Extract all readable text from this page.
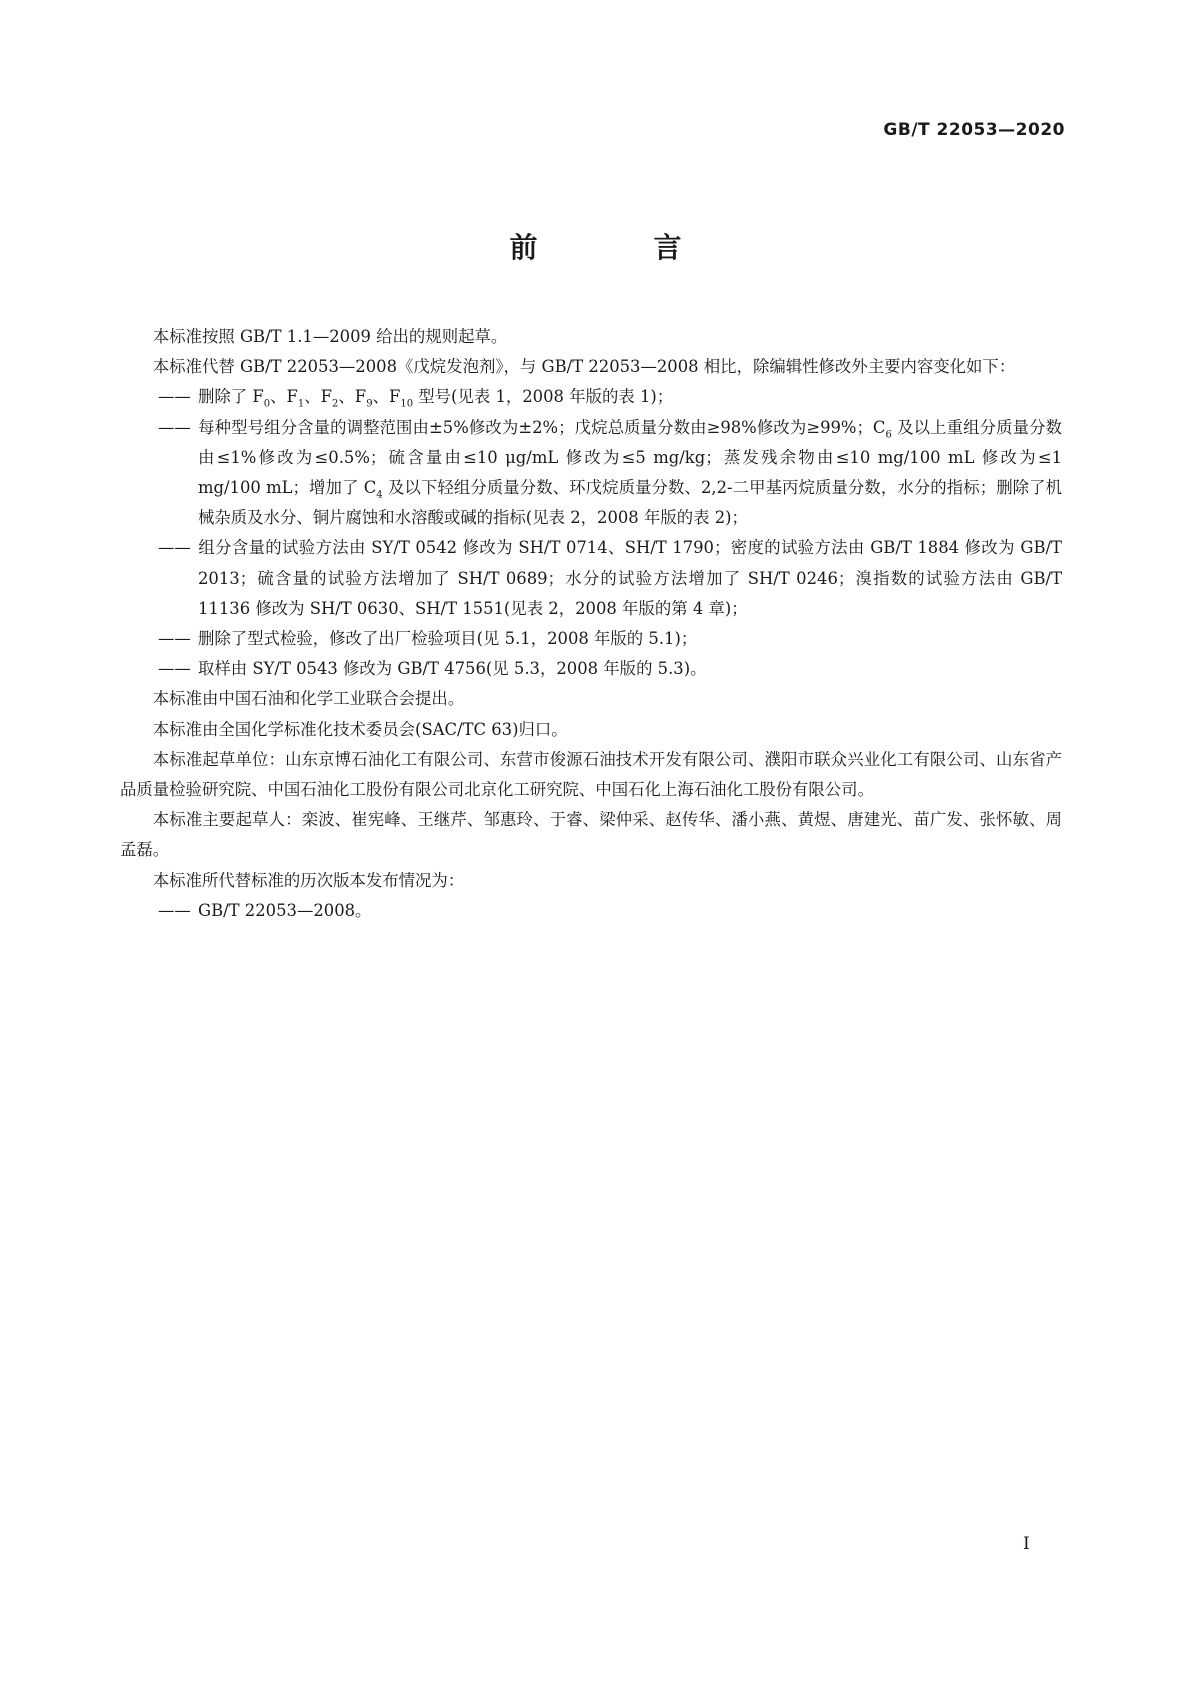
GB/T 22053—2020
前　言

本标准按照 GB/T 1.1—2009 给出的规则起草。

本标准代替 GB/T 22053—2008《戊烷发泡剂》，与 GB/T 22053—2008 相比，除编辑性修改外主要内容变化如下：

—— 删除了 $F_0$、$F_1$、$F_2$、$F_9$、$F_{10}$ 型号(见表 1，2008 年版的表 1)；

—— 每种型号组分含量的调整范围由±5%修改为±2%；戊烷总质量分数由≥98%修改为≥99%；$C_6$ 及以上重组分质量分数由≤1%修改为≤0.5%；硫含量由≤10 μg/mL 修改为≤5 mg/kg；蒸发残余物由≤10 mg/100 mL 修改为≤1 mg/100 mL；增加了 $C_4$ 及以下轻组分质量分数、环戊烷质量分数、2,2-二甲基丙烷质量分数，水分的指标；删除了机械杂质及水分、铜片腐蚀和水溶酸或碱的指标(见表 2，2008 年版的表 2)；

—— 组分含量的试验方法由 SY/T 0542 修改为 SH/T 0714、SH/T 1790；密度的试验方法由 GB/T 1884 修改为 GB/T 2013；硫含量的试验方法增加了 SH/T 0689；水分的试验方法增加了 SH/T 0246；溴指数的试验方法由 GB/T 11136 修改为 SH/T 0630、SH/T 1551(见表 2，2008 年版的第 4 章)；

—— 删除了型式检验，修改了出厂检验项目(见 5.1，2008 年版的 5.1)；

—— 取样由 SY/T 0543 修改为 GB/T 4756(见 5.3，2008 年版的 5.3)。

本标准由中国石油和化学工业联合会提出。

本标准由全国化学标准化技术委员会(SAC/TC 63)归口。

本标准起草单位：山东京博石油化工有限公司、东营市俊源石油技术开发有限公司、濮阳市联众兴业化工有限公司、山东省产品质量检验研究院、中国石油化工股份有限公司北京化工研究院、中国石化上海石油化工股份有限公司。

本标准主要起草人：栾波、崔宪峰、王继芹、邹惠玲、于睿、梁仲采、赵传华、潘小燕、黄煜、唐建光、苗广发、张怀敏、周孟磊。

本标准所代替标准的历次版本发布情况为：

—— GB/T 22053—2008。

I
